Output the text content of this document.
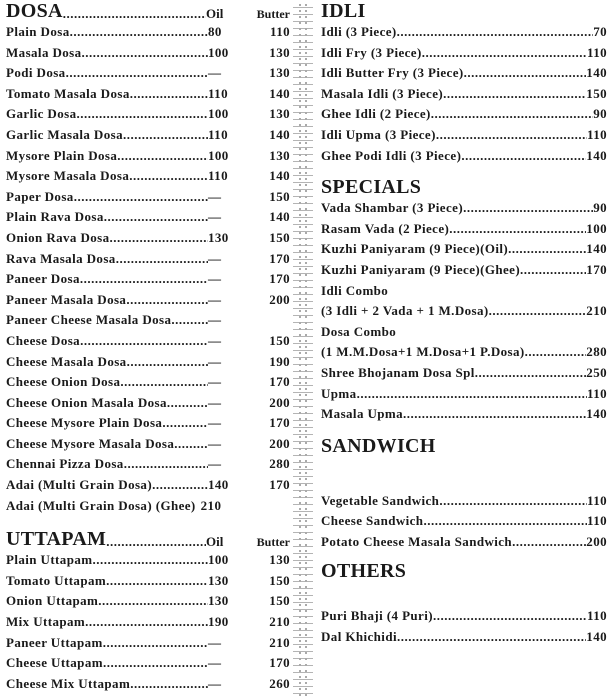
DOSA .....	Oil	Butter
Plain Dosa .....	80	110
Masala Dosa .....	100	130
Podi Dosa .....	—	130
Tomato Masala Dosa .....	110	140
Garlic Dosa .....	100	130
Garlic Masala Dosa .....	110	140
Mysore Plain Dosa .....	100	130
Mysore Masala Dosa .....	110	140
Paper Dosa .....	—	150
Plain Rava Dosa .....	—	140
Onion Rava Dosa .....	130	150
Rava Masala Dosa .....	—	170
Paneer Dosa .....	—	170
Paneer Masala Dosa .....	—	200
Paneer Cheese Masala Dosa .....	—
Cheese Dosa .....	—	150
Cheese Masala Dosa .....	—	190
Cheese Onion Dosa .....	—	170
Cheese Onion Masala Dosa .....	—	200
Cheese Mysore Plain Dosa .....	—	170
Cheese Mysore Masala Dosa .....	—	200
Chennai Pizza Dosa .....	—	280
Adai (Multi Grain Dosa) .....	140	170
Adai (Multi Grain Dosa) (Ghee) 210
UTTAPAM .....	Oil	Butter
Plain Uttapam .....	100	130
Tomato Uttapam .....	130	150
Onion Uttapam .....	130	150
Mix Uttapam .....	190	210
Paneer Uttapam .....	—	210
Cheese Uttapam .....	—	170
Cheese Mix Uttapam .....	—	260
IDLI
Idli (3 Piece) .....	70
Idli Fry (3 Piece) .....	110
Idli Butter Fry (3 Piece) .....	140
Masala Idli (3 Piece) .....	150
Ghee Idli (2 Piece) .....	90
Idli Upma (3 Piece) .....	110
Ghee Podi Idli (3 Piece) .....	140
SPECIALS
Vada Shambar (3 Piece) .....	90
Rasam Vada (2 Piece) .....	100
Kuzhi Paniyaram (9 Piece)(Oil) .....	140
Kuzhi Paniyaram (9 Piece)(Ghee) .....	170
Idli Combo
(3 Idli + 2 Vada + 1 M.Dosa) .....	210
Dosa Combo
(1 M.M.Dosa+1 M.Dosa+1 P.Dosa) .....	280
Shree Bhojanam Dosa Spl. .....	250
Upma .....	110
Masala Upma .....	140
SANDWICH
Vegetable Sandwich .....	110
Cheese Sandwich .....	110
Potato Cheese Masala Sandwich .....	200
OTHERS
Puri Bhaji (4 Puri) .....	110
Dal Khichidi .....	140
